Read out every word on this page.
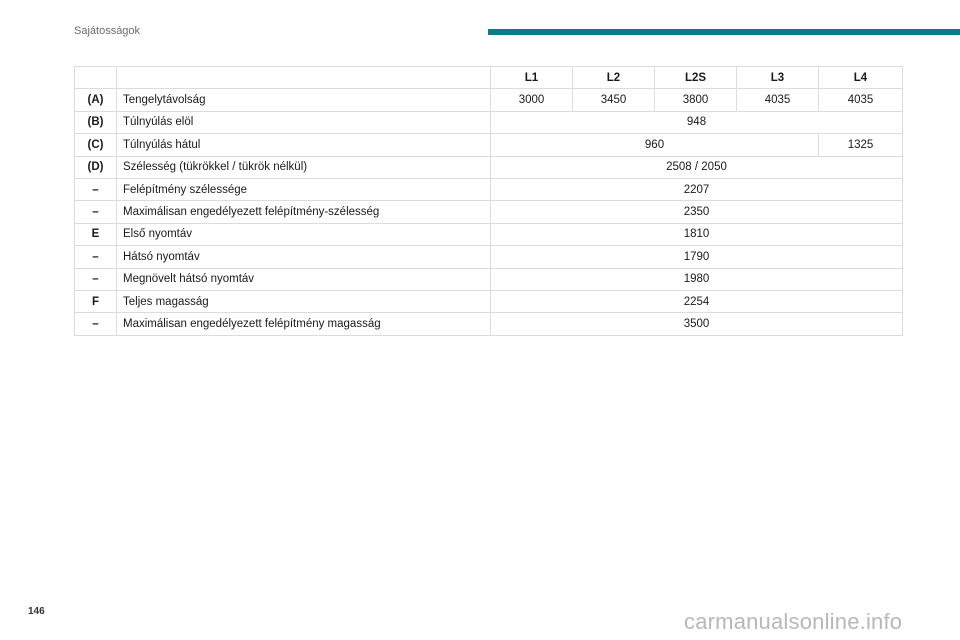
Sajátosságok
		L1	L2	L2S	L3	L4
(A)	Tengelytávolság	3000	3450	3800	4035	4035
(B)	Túlnyúlás elöl	948				
(C)	Túlnyúlás hátul	960				1325
(D)	Szélesség (tükrökkel / tükrök nélkül)	2508 / 2050				
–	Felépítmény szélessége	2207				
–	Maximálisan engedélyezett felépítmény-szélesség	2350				
E	Első nyomtáv	1810				
–	Hátsó nyomtáv	1790				
–	Megnövelt hátsó nyomtáv	1980				
F	Teljes magasság	2254				
–	Maximálisan engedélyezett felépítmény magasság	3500				
146	carmanualsonline.info
